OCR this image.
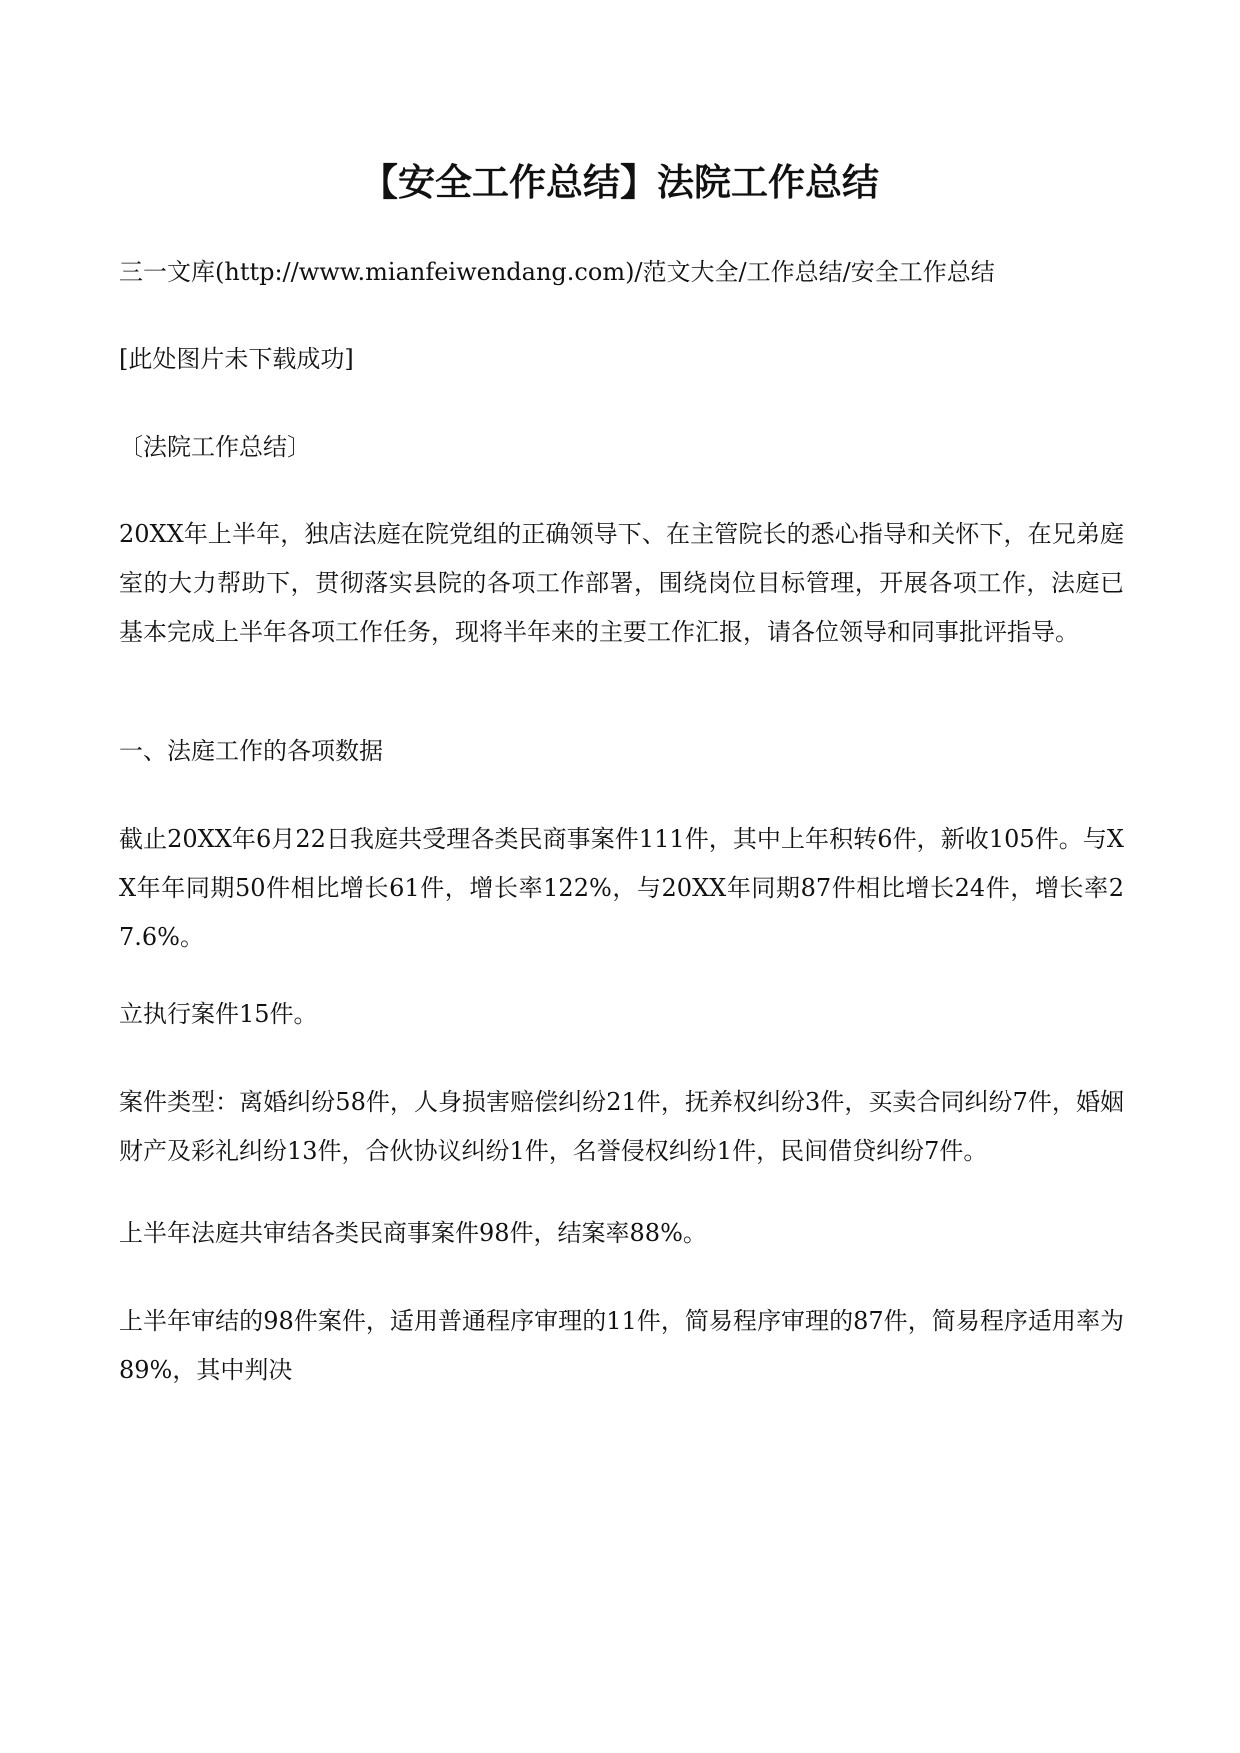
【安全工作总结】法院工作总结

三一文库(http://www.mianfeiwendang.com)/范文大全/工作总结/安全工作总结

[此处图片未下载成功]

〔法院工作总结〕

20XX年上半年，独店法庭在院党组的正确领导下、在主管院长的悉心指导和关怀下，在兄弟庭室的大力帮助下，贯彻落实县院的各项工作部署，围绕岗位目标管理，开展各项工作，法庭已基本完成上半年各项工作任务，现将半年来的主要工作汇报，请各位领导和同事批评指导。

一、法庭工作的各项数据

截止20XX年6月22日我庭共受理各类民商事案件111件，其中上年积转6件，新收105件。与XX年年同期50件相比增长61件，增长率122%，与20XX年同期87件相比增长24件，增长率27.6%。

立执行案件15件。

案件类型：离婚纠纷58件，人身损害赔偿纠纷21件，抚养权纠纷3件，买卖合同纠纷7件，婚姻财产及彩礼纠纷13件，合伙协议纠纷1件，名誉侵权纠纷1件，民间借贷纠纷7件。

上半年法庭共审结各类民商事案件98件，结案率88%。

上半年审结的98件案件，适用普通程序审理的11件，简易程序审理的87件，简易程序适用率为89%，其中判决
